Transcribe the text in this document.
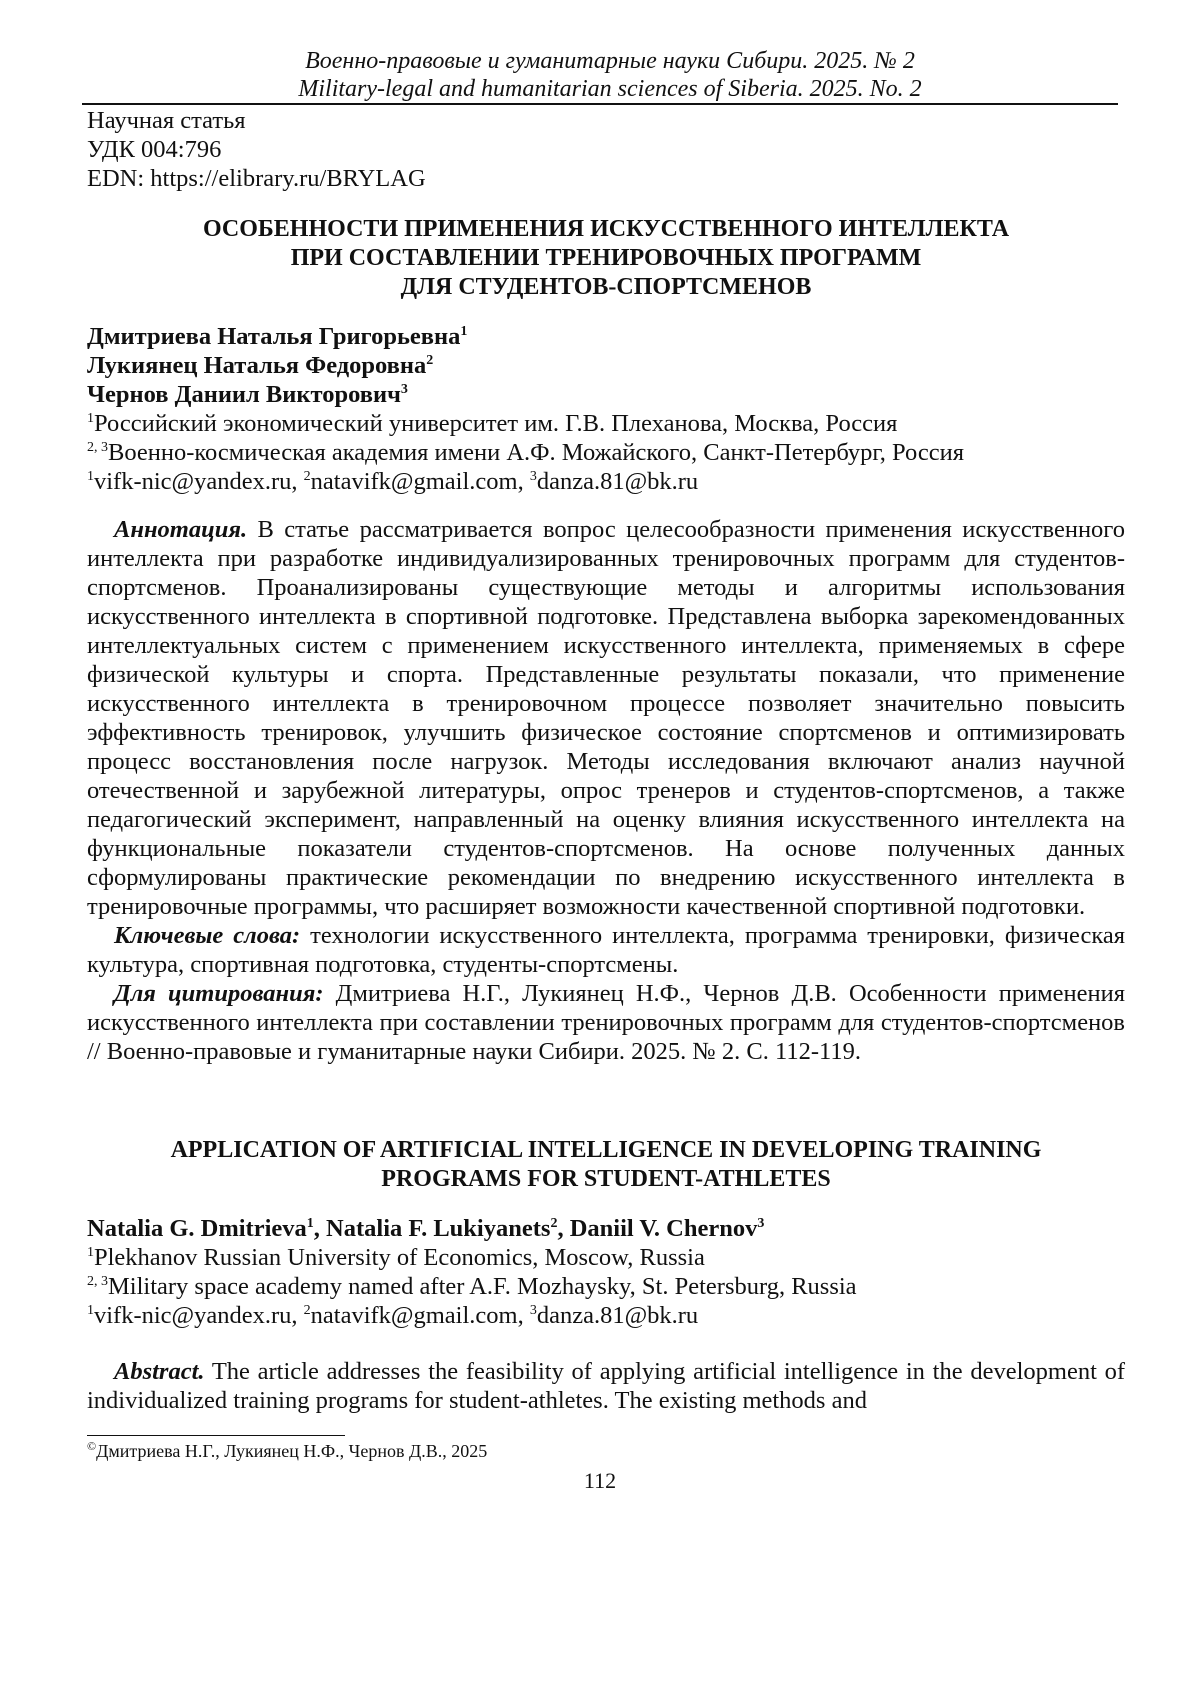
Военно-правовые и гуманитарные науки Сибири. 2025. № 2
Military-legal and humanitarian sciences of Siberia. 2025. No. 2
Научная статья
УДК 004:796
EDN: https://elibrary.ru/BRYLAG
ОСОБЕННОСТИ ПРИМЕНЕНИЯ ИСКУССТВЕННОГО ИНТЕЛЛЕКТА
ПРИ СОСТАВЛЕНИИ ТРЕНИРОВОЧНЫХ ПРОГРАММ
ДЛЯ СТУДЕНТОВ-СПОРТСМЕНОВ
Дмитриева Наталья Григорьевна$^1$
Лукиянец Наталья Федоровна$^2$
Чернов Даниил Викторович$^3$
$^1$Российский экономический университет им. Г.В. Плеханова, Москва, Россия
$^{2, 3}$Военно-космическая академия имени А.Ф. Можайского, Санкт-Петербург, Россия
$^1$vifk-nic@yandex.ru, $^2$natavifk@gmail.com, $^3$danza.81@bk.ru
Аннотация. В статье рассматривается вопрос целесообразности применения искусственного интеллекта при разработке индивидуализированных тренировочных программ для студентов-спортсменов. Проанализированы существующие методы и алгоритмы использования искусственного интеллекта в спортивной подготовке. Представлена выборка зарекомендованных интеллектуальных систем с применением искусственного интеллекта, применяемых в сфере физической культуры и спорта. Представленные результаты показали, что применение искусственного интеллекта в тренировочном процессе позволяет значительно повысить эффективность тренировок, улучшить физическое состояние спортсменов и оптимизировать процесс восстановления после нагрузок. Методы исследования включают анализ научной отечественной и зарубежной литературы, опрос тренеров и студентов-спортсменов, а также педагогический эксперимент, направленный на оценку влияния искусственного интеллекта на функциональные показатели студентов-спортсменов. На основе полученных данных сформулированы практические рекомендации по внедрению искусственного интеллекта в тренировочные программы, что расширяет возможности качественной спортивной подготовки.
Ключевые слова: технологии искусственного интеллекта, программа тренировки, физическая культура, спортивная подготовка, студенты-спортсмены.
Для цитирования: Дмитриева Н.Г., Лукиянец Н.Ф., Чернов Д.В. Особенности применения искусственного интеллекта при составлении тренировочных программ для студентов-спортсменов // Военно-правовые и гуманитарные науки Сибири. 2025. № 2. С. 112-119.
APPLICATION OF ARTIFICIAL INTELLIGENCE IN DEVELOPING TRAINING
PROGRAMS FOR STUDENT-ATHLETES
Natalia G. Dmitrieva$^1$, Natalia F. Lukiyanets$^2$, Daniil V. Chernov$^3$
$^1$Plekhanov Russian University of Economics, Moscow, Russia
$^{2, 3}$Military space academy named after A.F. Mozhaysky, St. Petersburg, Russia
$^1$vifk-nic@yandex.ru, $^2$natavifk@gmail.com, $^3$danza.81@bk.ru
Abstract. The article addresses the feasibility of applying artificial intelligence in the development of individualized training programs for student-athletes. The existing methods and
©Дмитриева Н.Г., Лукиянец Н.Ф., Чернов Д.В., 2025
112
